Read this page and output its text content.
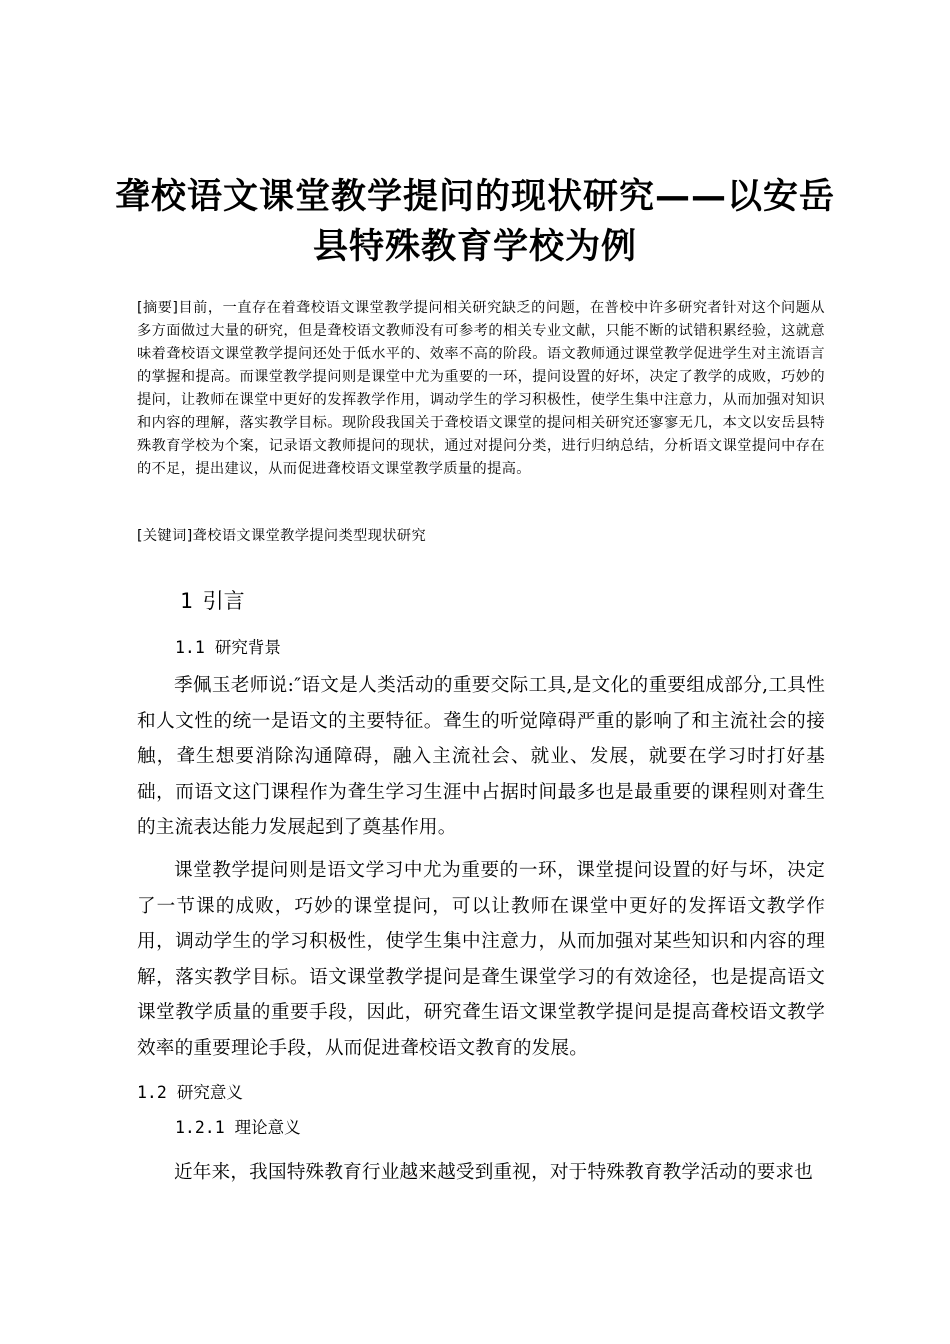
聋校语文课堂教学提问的现状研究——以安岳县特殊教育学校为例
[摘要]目前，一直存在着聋校语文课堂教学提问相关研究缺乏的问题，在普校中许多研究者针对这个问题从多方面做过大量的研究，但是聋校语文教师没有可参考的相关专业文献，只能不断的试错积累经验，这就意味着聋校语文课堂教学提问还处于低水平的、效率不高的阶段。语文教师通过课堂教学促进学生对主流语言的掌握和提高。而课堂教学提问则是课堂中尤为重要的一环，提问设置的好坏，决定了教学的成败，巧妙的提问，让教师在课堂中更好的发挥教学作用，调动学生的学习积极性，使学生集中注意力，从而加强对知识和内容的理解，落实教学目标。现阶段我国关于聋校语文课堂的提问相关研究还寥寥无几，本文以安岳县特殊教育学校为个案，记录语文教师提问的现状，通过对提问分类，进行归纳总结，分析语文课堂提问中存在的不足，提出建议，从而促进聋校语文课堂教学质量的提高。
[关键词]聋校语文课堂教学提问类型现状研究
1 引言
1.1 研究背景
季佩玉老师说:″语文是人类活动的重要交际工具,是文化的重要组成部分,工具性和人文性的统一是语文的主要特征。聋生的听觉障碍严重的影响了和主流社会的接触，聋生想要消除沟通障碍，融入主流社会、就业、发展，就要在学习时打好基础，而语文这门课程作为聋生学习生涯中占据时间最多也是最重要的课程则对聋生的主流表达能力发展起到了奠基作用。
课堂教学提问则是语文学习中尤为重要的一环，课堂提问设置的好与坏，决定了一节课的成败，巧妙的课堂提问，可以让教师在课堂中更好的发挥语文教学作用，调动学生的学习积极性，使学生集中注意力，从而加强对某些知识和内容的理解，落实教学目标。语文课堂教学提问是聋生课堂学习的有效途径，也是提高语文课堂教学质量的重要手段，因此，研究聋生语文课堂教学提问是提高聋校语文教学效率的重要理论手段，从而促进聋校语文教育的发展。
1.2 研究意义
1.2.1 理论意义
近年来，我国特殊教育行业越来越受到重视，对于特殊教育教学活动的要求也
